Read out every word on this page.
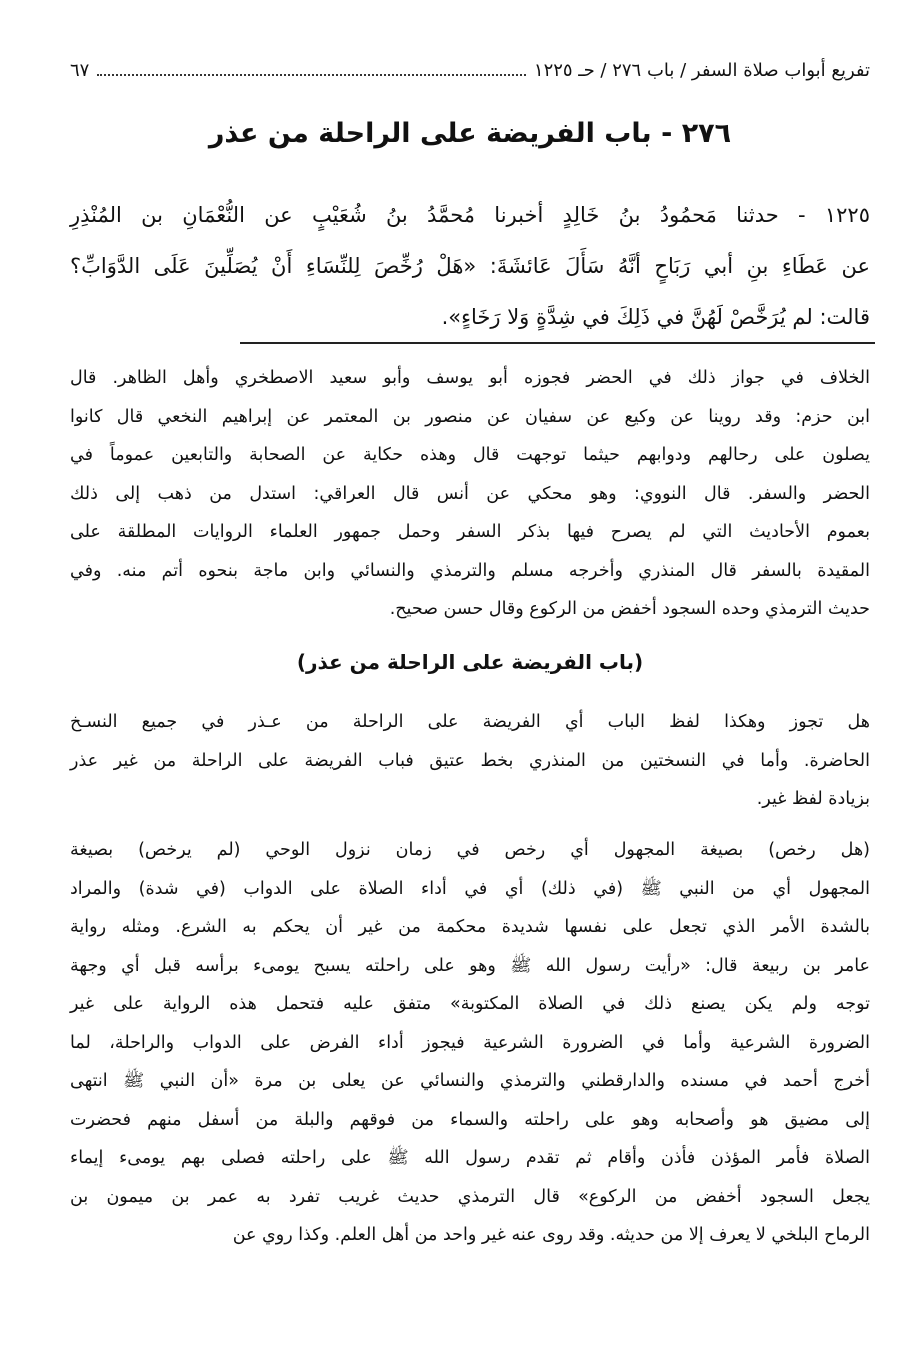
تفريع أبواب صلاة السفر / باب ٢٧٦ / حـ ١٢٢٥
٦٧
٢٧٦ - باب الفريضة على الراحلة من عذر
١٢٢٥ - حدثنا مَحمُودُ بنُ خَالِدٍ أخبرنا مُحمَّدُ بنُ شُعَيْبٍ عن النُّعْمَانِ بن المُنْذِرِ
عن عَطَاءِ بنِ أبي رَبَاحٍ أنَّهُ سَأَلَ عَائشَةَ: «هَلْ رُخِّصَ لِلنِّسَاءِ أَنْ يُصَلِّينَ عَلَى الدَّوَابِّ؟
قالت: لم يُرَخَّصْ لَهُنَّ في ذَلِكَ في شِدَّةٍ وَلا رَخَاءٍ».
الخلاف في جواز ذلك في الحضر فجوزه أبو يوسف وأبو سعيد الاصطخري وأهل الظاهر. قال
ابن حزم: وقد روينا عن وكيع عن سفيان عن منصور بن المعتمر عن إبراهيم النخعي قال كانوا
يصلون على رحالهم ودوابهم حيثما توجهت قال وهذه حكاية عن الصحابة والتابعين عموماً في
الحضر والسفر. قال النووي: وهو محكي عن أنس قال العراقي: استدل من ذهب إلى ذلك
بعموم الأحاديث التي لم يصرح فيها بذكر السفر وحمل جمهور العلماء الروايات المطلقة على
المقيدة بالسفر قال المنذري وأخرجه مسلم والترمذي والنسائي وابن ماجة بنحوه أتم منه. وفي
حديث الترمذي وحده السجود أخفض من الركوع وقال حسن صحيح.
(باب الفريضة على الراحلة من عذر)
هل تجوز وهكذا لفظ الباب أي الفريضة على الراحلة من عـذر في جميع النسـخ
الحاضرة. وأما في النسختين من المنذري بخط عتيق فباب الفريضة على الراحلة من غير عذر
بزيادة لفظ غير.
(هل رخص) بصيغة المجهول أي رخص في زمان نزول الوحي (لم يرخص) بصيغة
المجهول أي من النبي ﷺ (في ذلك) أي في أداء الصلاة على الدواب (في شدة) والمراد
بالشدة الأمر الذي تجعل على نفسها شديدة محكمة من غير أن يحكم به الشرع. ومثله رواية
عامر بن ربيعة قال: «رأيت رسول الله ﷺ وهو على راحلته يسبح يومىء برأسه قبل أي وجهة
توجه ولم يكن يصنع ذلك في الصلاة المكتوبة» متفق عليه فتحمل هذه الرواية على غير
الضرورة الشرعية وأما في الضرورة الشرعية فيجوز أداء الفرض على الدواب والراحلة، لما
أخرج أحمد في مسنده والدارقطني والترمذي والنسائي عن يعلى بن مرة «أن النبي ﷺ انتهى
إلى مضيق هو وأصحابه وهو على راحلته والسماء من فوقهم والبلة من أسفل منهم فحضرت
الصلاة فأمر المؤذن فأذن وأقام ثم تقدم رسول الله ﷺ على راحلته فصلى بهم يومىء إيماء
يجعل السجود أخفض من الركوع» قال الترمذي حديث غريب تفرد به عمر بن ميمون بن
الرماح البلخي لا يعرف إلا من حديثه. وقد روى عنه غير واحد من أهل العلم. وكذا روي عن
